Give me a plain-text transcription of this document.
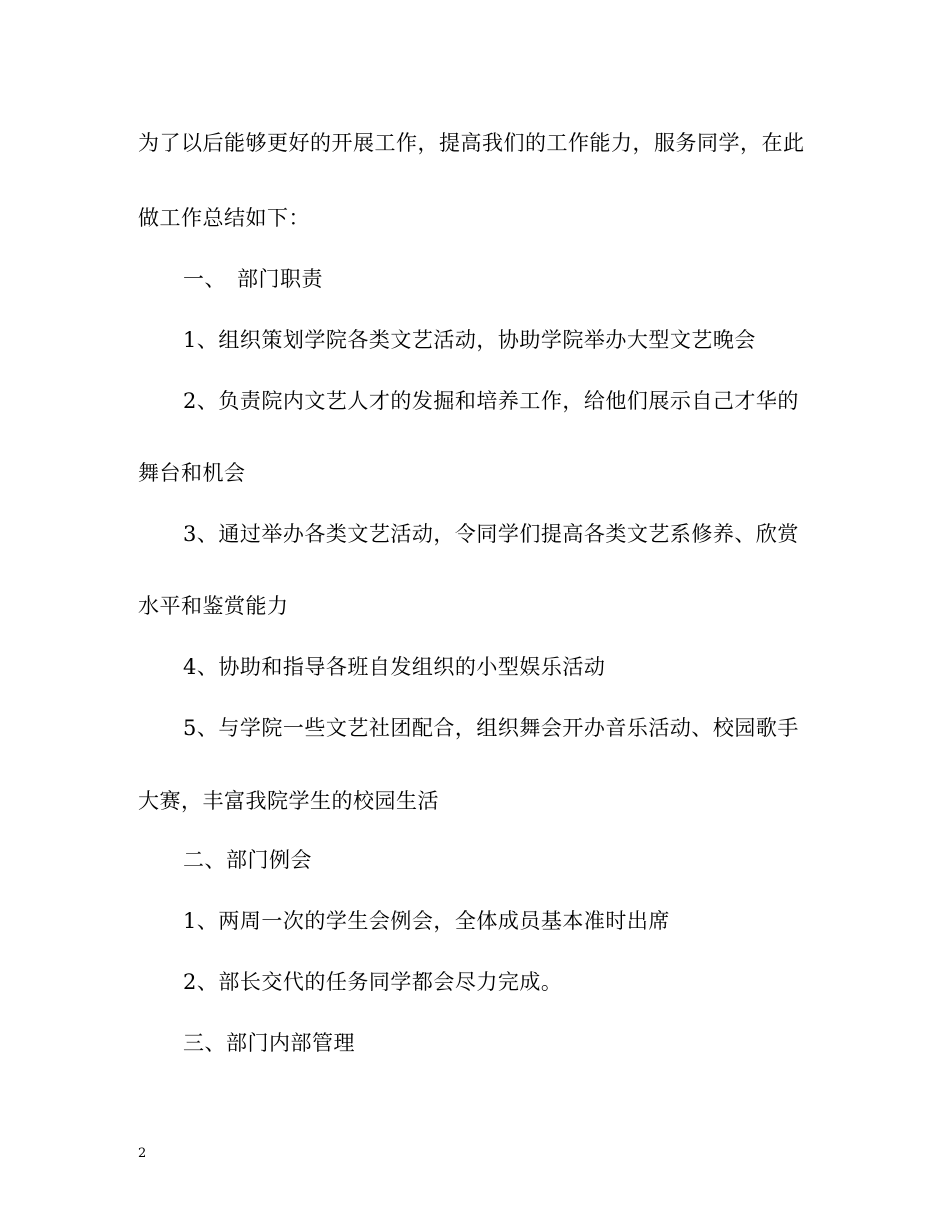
为了以后能够更好的开展工作，提高我们的工作能力，服务同学，在此
做工作总结如下：
一、　部门职责
1、组织策划学院各类文艺活动，协助学院举办大型文艺晚会
2、负责院内文艺人才的发掘和培养工作，给他们展示自己才华的
舞台和机会
3、通过举办各类文艺活动，令同学们提高各类文艺系修养、欣赏
水平和鉴赏能力
4、协助和指导各班自发组织的小型娱乐活动
5、与学院一些文艺社团配合，组织舞会开办音乐活动、校园歌手
大赛，丰富我院学生的校园生活
二、部门例会
1、两周一次的学生会例会，全体成员基本准时出席
2、部长交代的任务同学都会尽力完成。
三、部门内部管理
2
